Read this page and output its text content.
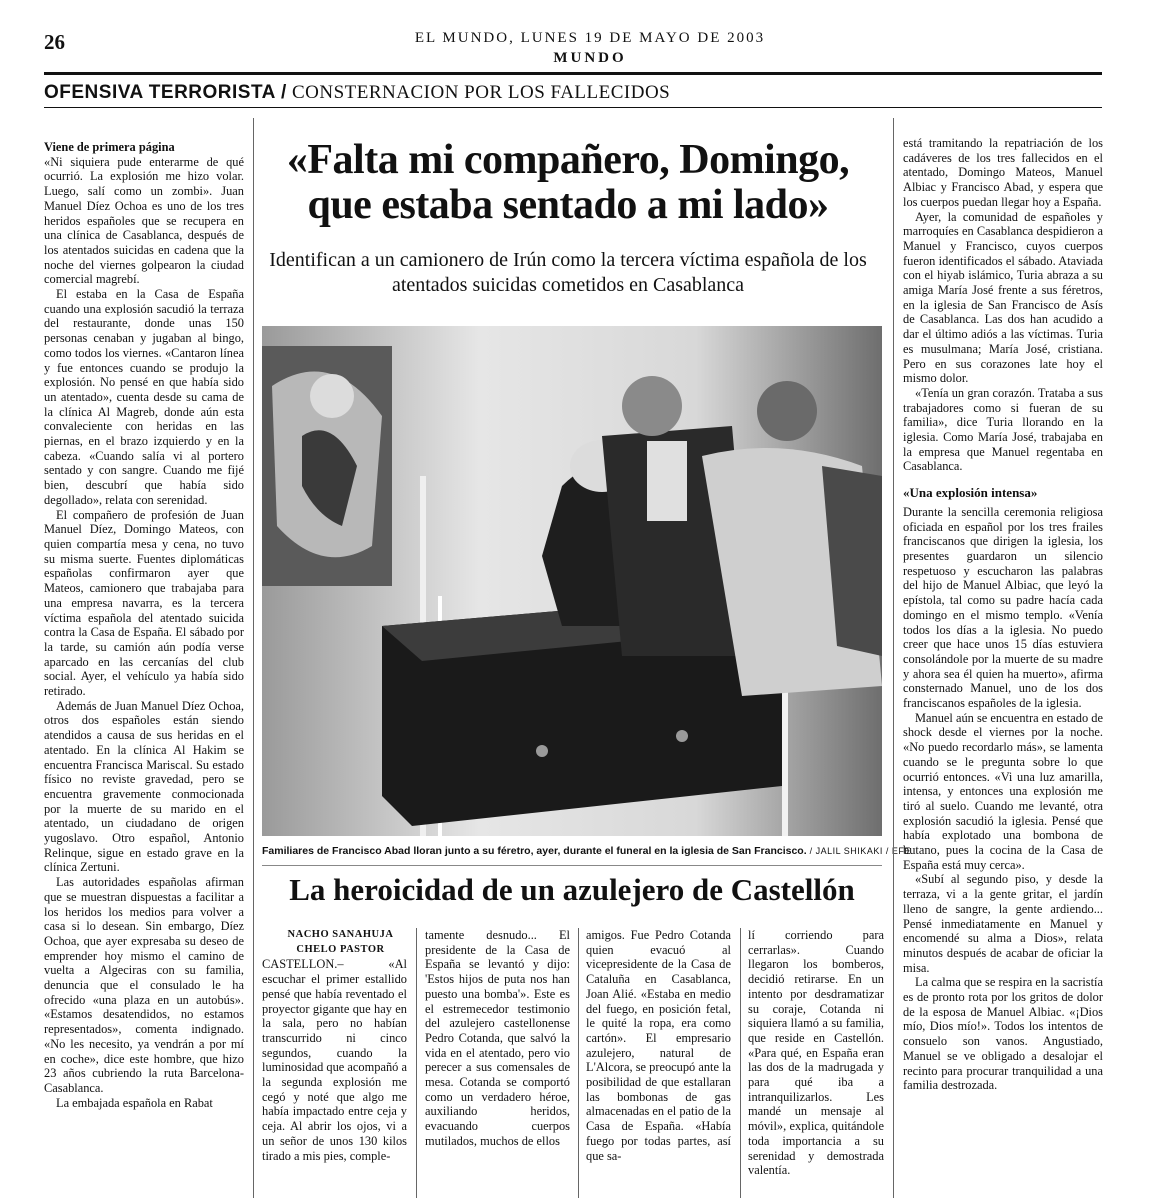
26	EL MUNDO, LUNES 19 DE MAYO DE 2003
MUNDO
OFENSIVA TERRORISTA / CONSTERNACION POR LOS FALLECIDOS

Viene de primera página

«Ni siquiera pude enterarme de qué ocurrió. La explosión me hizo volar. Luego, salí como un zombi». Juan Manuel Díez Ochoa es uno de los tres heridos españoles que se recupera en una clínica de Casablanca, después de los atentados suicidas en cadena que la noche del viernes golpearon la ciudad comercial magrebí.

El estaba en la Casa de España cuando una explosión sacudió la terraza del restaurante, donde unas 150 personas cenaban y jugaban al bingo, como todos los viernes. «Cantaron línea y fue entonces cuando se produjo la explosión. No pensé en que había sido un atentado», cuenta desde su cama de la clínica Al Magreb, donde aún esta convaleciente con heridas en las piernas, en el brazo izquierdo y en la cabeza. «Cuando salía vi al portero sentado y con sangre. Cuando me fijé bien, descubrí que había sido degollado», relata con serenidad.

El compañero de profesión de Juan Manuel Díez, Domingo Mateos, con quien compartía mesa y cena, no tuvo su misma suerte. Fuentes diplomáticas españolas confirmaron ayer que Mateos, camionero que trabajaba para una empresa navarra, es la tercera víctima española del atentado suicida contra la Casa de España. El sábado por la tarde, su camión aún podía verse aparcado en las cercanías del club social. Ayer, el vehículo ya había sido retirado.

Además de Juan Manuel Díez Ochoa, otros dos españoles están siendo atendidos a causa de sus heridas en el atentado. En la clínica Al Hakim se encuentra Francisca Mariscal. Su estado físico no reviste gravedad, pero se encuentra gravemente conmocionada por la muerte de su marido en el atentado, un ciudadano de origen yugoslavo. Otro español, Antonio Relinque, sigue en estado grave en la clínica Zertuni.

Las autoridades españolas afirman que se muestran dispuestas a facilitar a los heridos los medios para volver a casa si lo desean. Sin embargo, Díez Ochoa, que ayer expresaba su deseo de emprender hoy mismo el camino de vuelta a Algeciras con su familia, denuncia que el consulado le ha ofrecido «una plaza en un autobús». «Estamos desatendidos, no estamos representados», comenta indignado. «No les necesito, ya vendrán a por mí en coche», dice este hombre, que hizo 23 años cubriendo la ruta Barcelona-Casablanca.

La embajada española en Rabat

«Falta mi compañero, Domingo, que estaba sentado a mi lado»
Identifican a un camionero de Irún como la tercera víctima española de los atentados suicidas cometidos en Casablanca
Familiares de Francisco Abad lloran junto a su féretro, ayer, durante el funeral en la iglesia de San Francisco. / JALIL SHIKAKI / EFE

está tramitando la repatriación de los cadáveres de los tres fallecidos en el atentado, Domingo Mateos, Manuel Albiac y Francisco Abad, y espera que los cuerpos puedan llegar hoy a España.

Ayer, la comunidad de españoles y marroquíes en Casablanca despidieron a Manuel y Francisco, cuyos cuerpos fueron identificados el sábado. Ataviada con el hiyab islámico, Turia abraza a su amiga María José frente a sus féretros, en la iglesia de San Francisco de Asís de Casablanca. Las dos han acudido a dar el último adiós a las víctimas. Turia es musulmana; María José, cristiana. Pero en sus corazones late hoy el mismo dolor.

«Tenía un gran corazón. Trataba a sus trabajadores como si fueran de su familia», dice Turia llorando en la iglesia. Como María José, trabajaba en la empresa que Manuel regentaba en Casablanca.

«Una explosión intensa»

Durante la sencilla ceremonia religiosa oficiada en español por los tres frailes franciscanos que dirigen la iglesia, los presentes guardaron un silencio respetuoso y escucharon las palabras del hijo de Manuel Albiac, que leyó la epístola, tal como su padre hacía cada domingo en el mismo templo. «Venía todos los días a la iglesia. No puedo creer que hace unos 15 días estuviera consolándole por la muerte de su madre y ahora sea él quien ha muerto», afirma consternado Manuel, uno de los dos franciscanos españoles de la iglesia.

Manuel aún se encuentra en estado de shock desde el viernes por la noche. «No puedo recordarlo más», se lamenta cuando se le pregunta sobre lo que ocurrió entonces. «Vi una luz amarilla, intensa, y entonces una explosión me tiró al suelo. Cuando me levanté, otra explosión sacudió la iglesia. Pensé que había explotado una bombona de butano, pues la cocina de la Casa de España está muy cerca».

«Subí al segundo piso, y desde la terraza, vi a la gente gritar, el jardín lleno de sangre, la gente ardiendo... Pensé inmediatamente en Manuel y encomendé su alma a Dios», relata minutos después de acabar de oficiar la misa.

La calma que se respira en la sacristía es de pronto rota por los gritos de dolor de la esposa de Manuel Albiac. «¡Dios mío, Dios mío!». Todos los intentos de consuelo son vanos. Angustiado, Manuel se ve obligado a desalojar el recinto para procurar tranquilidad a una familia destrozada.

La heroicidad de un azulejero de Castellón

NACHO SANAHUJA

CHELO PASTOR

CASTELLON.– «Al escuchar el primer estallido pensé que había reventado el proyector gigante que hay en la sala, pero no habían transcurrido ni cinco segundos, cuando la luminosidad que acompañó a la segunda explosión me cegó y noté que algo me había impactado entre ceja y ceja. Al abrir los ojos, vi a un señor de unos 130 kilos tirado a mis pies, comple-

tamente desnudo... El presidente de la Casa de España se levantó y dijo: 'Estos hijos de puta nos han puesto una bomba'». Este es el estremecedor testimonio del azulejero castellonense Pedro Cotanda, que salvó la vida en el atentado, pero vio perecer a sus comensales de mesa. Cotanda se comportó como un verdadero héroe, auxiliando heridos, evacuando cuerpos mutilados, muchos de ellos

amigos. Fue Pedro Cotanda quien evacuó al vicepresidente de la Casa de Cataluña en Casablanca, Joan Alié. «Estaba en medio del fuego, en posición fetal, le quité la ropa, era como cartón». El empresario azulejero, natural de L'Alcora, se preocupó ante la posibilidad de que estallaran las bombonas de gas almacenadas en el patio de la Casa de España. «Había fuego por todas partes, así que sa-

lí corriendo para cerrarlas». Cuando llegaron los bomberos, decidió retirarse. En un intento por desdramatizar su coraje, Cotanda ni siquiera llamó a su familia, que reside en Castellón. «Para qué, en España eran las dos de la madrugada y para qué iba a intranquilizarlos. Les mandé un mensaje al móvil», explica, quitándole toda importancia a su serenidad y demostrada valentía.
